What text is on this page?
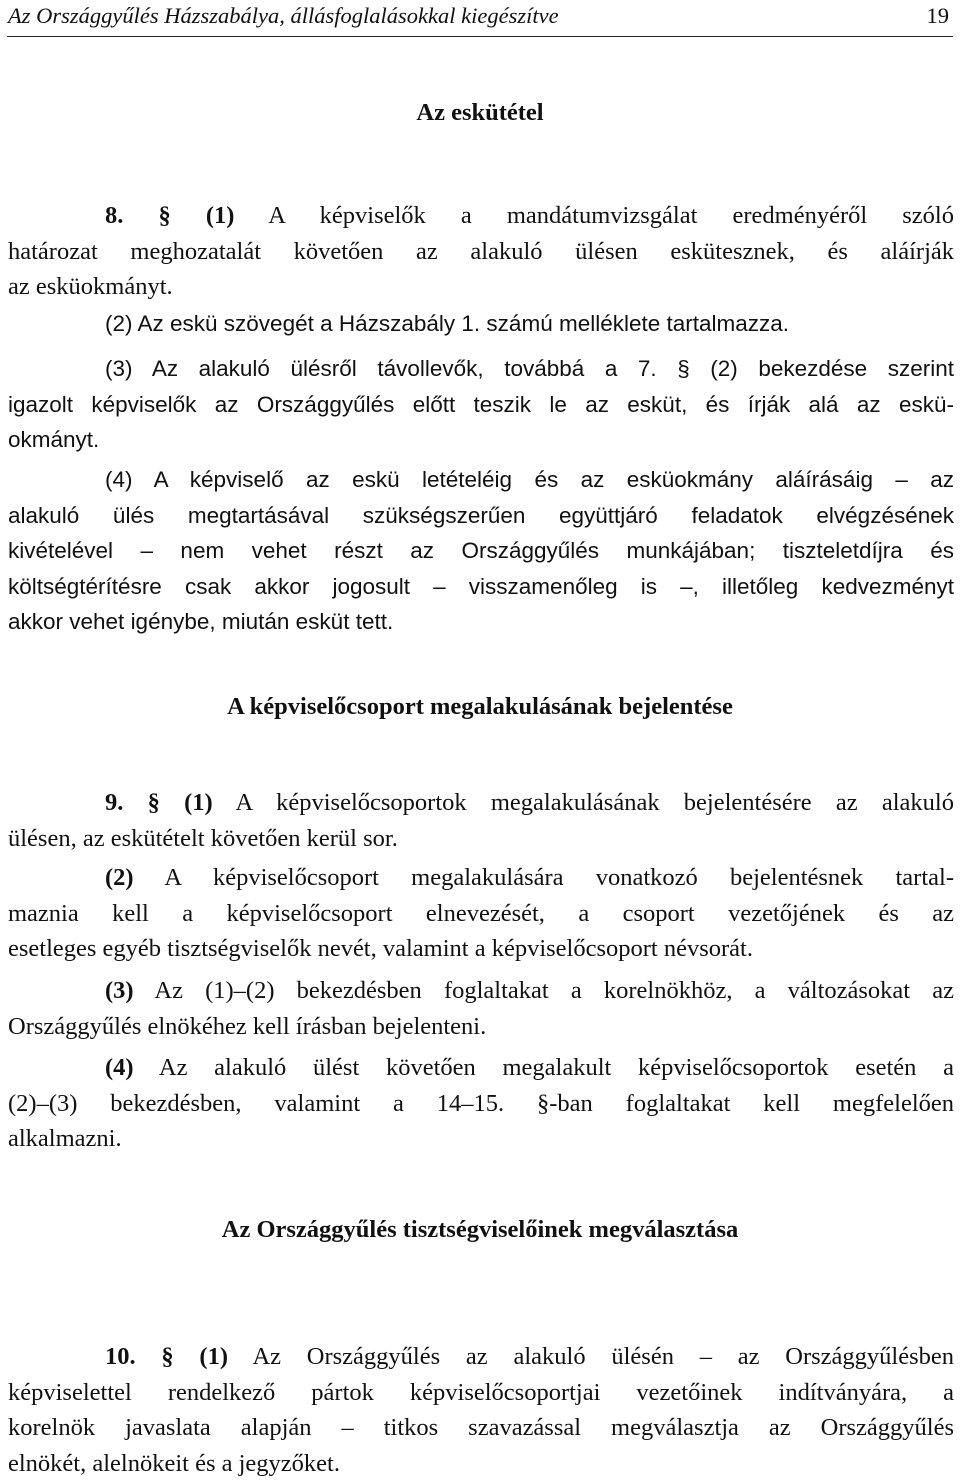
Az Országgyűlés Házszabálya, állásfoglalásokkal kiegészítve	19
Az eskütétel
8. § (1) A képviselők a mandátumvizsgálat eredményéről szóló
határozat meghozatalát követően az alakuló ülésen eskütesznek, és aláírják
az esküokmányt.
(2) Az eskü szövegét a Házszabály 1. számú melléklete tartalmazza.
(3) Az alakuló ülésről távollevők, továbbá a 7. § (2) bekezdése szerint
igazolt képviselők az Országgyűlés előtt teszik le az esküt, és írják alá az eskü-
okmányt.
(4) A képviselő az eskü letételéig és az esküokmány aláírásáig – az
alakuló ülés megtartásával szükségszerűen együttjáró feladatok elvégzésének
kivételével – nem vehet részt az Országgyűlés munkájában; tiszteletdíjra és
költségtérítésre csak akkor jogosult – visszamenőleg is –, illetőleg kedvezményt
akkor vehet igénybe, miután esküt tett.
A képviselőcsoport megalakulásának bejelentése
9. § (1) A képviselőcsoportok megalakulásának bejelentésére az alakuló
ülésen, az eskütételt követően kerül sor.
(2) A képviselőcsoport megalakulására vonatkozó bejelentésnek tartal-
maznia kell a képviselőcsoport elnevezését, a csoport vezetőjének és az
esetleges egyéb tisztségviselők nevét, valamint a képviselőcsoport névsorát.
(3) Az (1)–(2) bekezdésben foglaltakat a korelnökhöz, a változásokat az
Országgyűlés elnökéhez kell írásban bejelenteni.
(4) Az alakuló ülést követően megalakult képviselőcsoportok esetén a
(2)–(3) bekezdésben, valamint a 14–15. §-ban foglaltakat kell megfelelően
alkalmazni.
Az Országgyűlés tisztségviselőinek megválasztása
10. § (1) Az Országgyűlés az alakuló ülésén – az Országgyűlésben
képviselettel rendelkező pártok képviselőcsoportjai vezetőinek indítványára, a
korelnök javaslata alapján – titkos szavazással megválasztja az Országgyűlés
elnökét, alelnökeit és a jegyzőket.
